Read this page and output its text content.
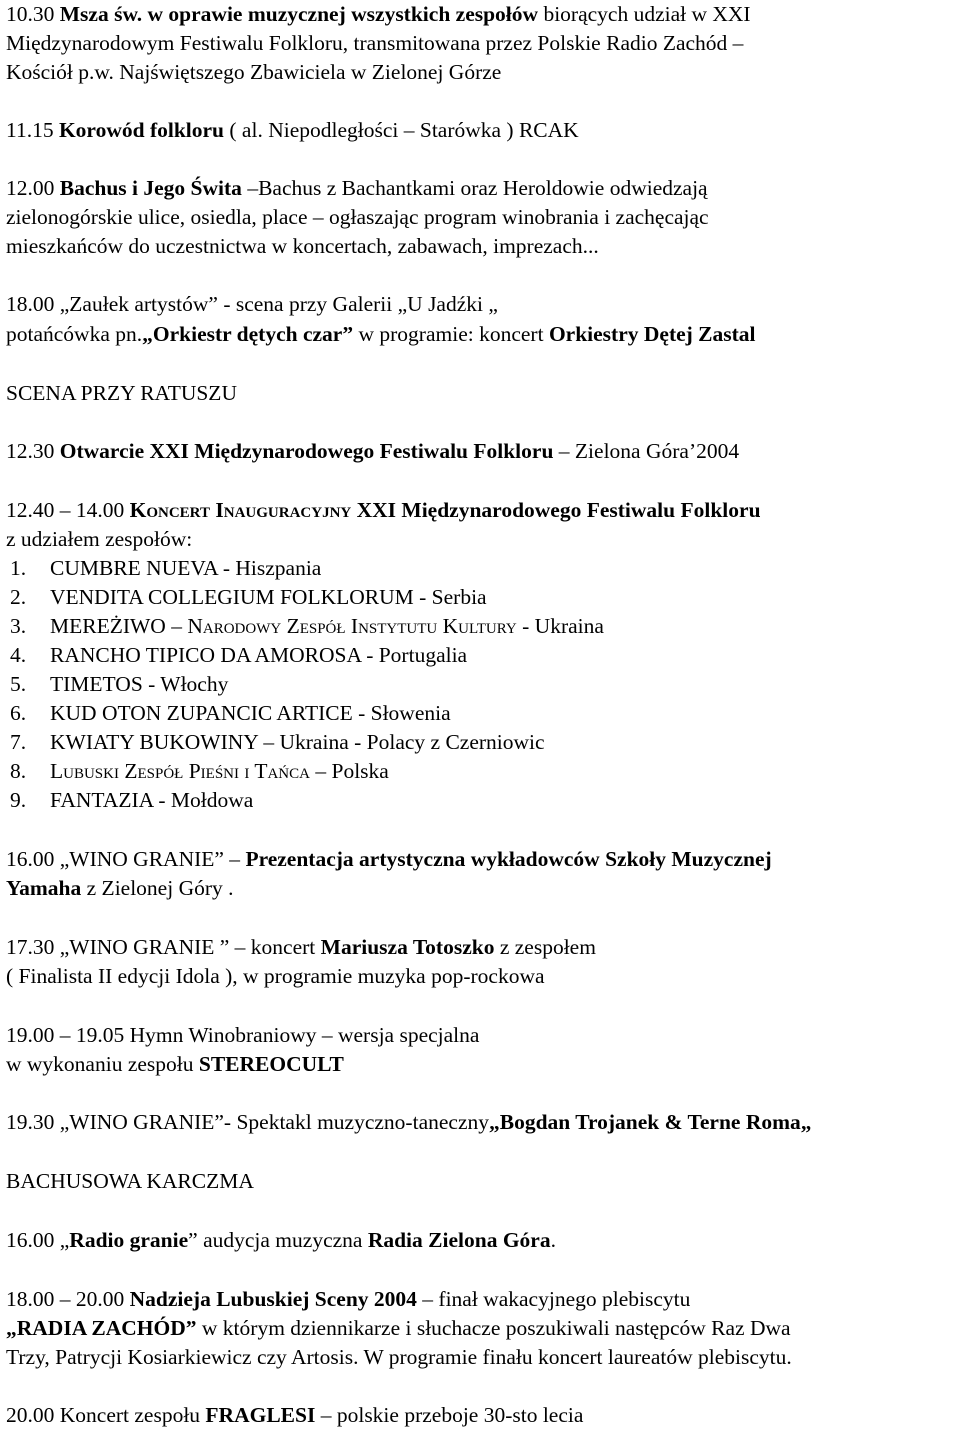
10.30 Msza św. w oprawie muzycznej wszystkich zespołów biorących udział w XXI
Międzynarodowym Festiwalu Folkloru, transmitowana przez Polskie Radio Zachód –
Kościół p.w. Najświętszego Zbawiciela w Zielonej Górze
11.15 Korowód folkloru ( al. Niepodległości – Starówka ) RCAK
12.00 Bachus i Jego Świta –Bachus z Bachantkami oraz Heroldowie odwiedzają
zielonogórskie ulice, osiedla, place – ogłaszając program winobrania i zachęcając
mieszkańców do uczestnictwa w koncertach, zabawach, imprezach...
18.00 „Zaułek artystów” - scena przy Galerii „U Jadźki „
potańcówka pn.„Orkiestr dętych czar” w programie: koncert Orkiestry Dętej Zastal
SCENA PRZY RATUSZU
12.30 Otwarcie XXI Międzynarodowego Festiwalu Folkloru – Zielona Góra’2004
12.40 – 14.00 Koncert Inauguracyjny XXI Międzynarodowego Festiwalu Folkloru
z udziałem zespołów:
1. CUMBRE NUEVA - Hiszpania
2. VENDITA COLLEGIUM FOLKLORUM - Serbia
3. MEREŻIWO – Narodowy Zespół Instytutu Kultury - Ukraina
4. RANCHO TIPICO DA AMOROSA - Portugalia
5. TIMETOS - Włochy
6. KUD OTON ZUPANCIC ARTICE - Słowenia
7. KWIATY BUKOWINY – Ukraina - Polacy z Czerniowic
8. Lubuski Zespół Pieśni i Tańca – Polska
9. FANTAZIA - Mołdowa
16.00 „WINO GRANIE” – Prezentacja artystyczna wykładowców Szkoły Muzycznej
Yamaha z Zielonej Góry .
17.30 „WINO GRANIE ” – koncert Mariusza Totoszko z zespołem
( Finalista II edycji Idola ), w programie muzyka pop-rockowa
19.00 – 19.05 Hymn Winobraniowy – wersja specjalna
w wykonaniu zespołu STEREOCULT
19.30 „WINO GRANIE”- Spektakl muzyczno-taneczny„Bogdan Trojanek & Terne Roma„
BACHUSOWA KARCZMA
16.00 „Radio granie” audycja muzyczna Radia Zielona Góra.
18.00 – 20.00 Nadzieja Lubuskiej Sceny 2004 – finał wakacyjnego plebiscytu
„RADIA ZACHÓD” w którym dziennikarze i słuchacze poszukiwali następców Raz Dwa
Trzy, Patrycji Kosiarkiewicz czy Artosis. W programie finału koncert laureatów plebiscytu.
20.00 Koncert zespołu FRAGLESI – polskie przeboje 30-sto lecia
